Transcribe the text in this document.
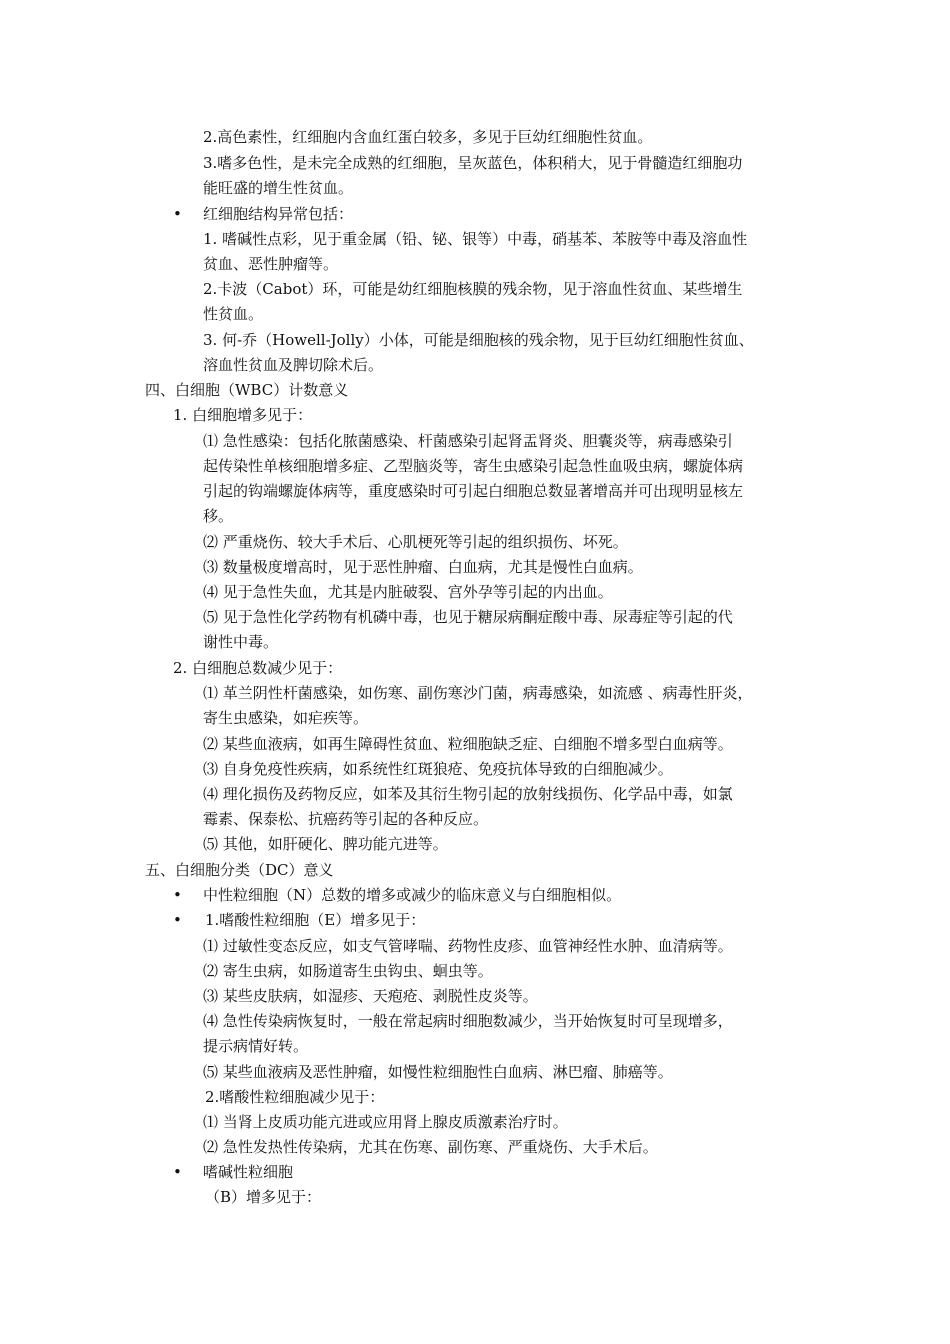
2.高色素性，红细胞内含血红蛋白较多，多见于巨幼红细胞性贫血。
3.嗜多色性，是未完全成熟的红细胞，呈灰蓝色，体积稍大，见于骨髓造红细胞功
能旺盛的增生性贫血。
• 红细胞结构异常包括：
1. 嗜碱性点彩，见于重金属（铅、铋、银等）中毒，硝基苯、苯胺等中毒及溶血性
贫血、恶性肿瘤等。
2.卡波（Cabot）环，可能是幼红细胞核膜的残余物，见于溶血性贫血、某些增生
性贫血。
3. 何-乔（Howell-Jolly）小体，可能是细胞核的残余物，见于巨幼红细胞性贫血、
溶血性贫血及脾切除术后。
四、白细胞（WBC）计数意义
1. 白细胞增多见于：
⑴ 急性感染：包括化脓菌感染、杆菌感染引起肾盂肾炎、胆囊炎等，病毒感染引
起传染性单核细胞增多症、乙型脑炎等，寄生虫感染引起急性血吸虫病，螺旋体病
引起的钩端螺旋体病等，重度感染时可引起白细胞总数显著增高并可出现明显核左
移。
⑵ 严重烧伤、较大手术后、心肌梗死等引起的组织损伤、坏死。
⑶ 数量极度增高时，见于恶性肿瘤、白血病，尤其是慢性白血病。
⑷ 见于急性失血，尤其是内脏破裂、宫外孕等引起的内出血。
⑸ 见于急性化学药物有机磷中毒，也见于糖尿病酮症酸中毒、尿毒症等引起的代
谢性中毒。
2. 白细胞总数减少见于：
⑴ 革兰阴性杆菌感染，如伤寒、副伤寒沙门菌，病毒感染，如流感 、病毒性肝炎，
寄生虫感染，如疟疾等。
⑵ 某些血液病，如再生障碍性贫血、粒细胞缺乏症、白细胞不增多型白血病等。
⑶ 自身免疫性疾病，如系统性红斑狼疮、免疫抗体导致的白细胞减少。
⑷ 理化损伤及药物反应，如苯及其衍生物引起的放射线损伤、化学品中毒，如氯
霉素、保泰松、抗癌药等引起的各种反应。
⑸ 其他，如肝硬化、脾功能亢进等。
五、白细胞分类（DC）意义
• 中性粒细胞（N）总数的增多或减少的临床意义与白细胞相似。
• 1.嗜酸性粒细胞（E）增多见于：
⑴ 过敏性变态反应，如支气管哮喘、药物性皮疹、血管神经性水肿、血清病等。
⑵ 寄生虫病，如肠道寄生虫钩虫、蛔虫等。
⑶ 某些皮肤病，如湿疹、天疱疮、剥脱性皮炎等。
⑷ 急性传染病恢复时，一般在常起病时细胞数减少，当开始恢复时可呈现增多，
提示病情好转。
⑸ 某些血液病及恶性肿瘤，如慢性粒细胞性白血病、淋巴瘤、肺癌等。
2.嗜酸性粒细胞减少见于：
⑴ 当肾上皮质功能亢进或应用肾上腺皮质激素治疗时。
⑵ 急性发热性传染病，尤其在伤寒、副伤寒、严重烧伤、大手术后。
• 嗜碱性粒细胞
（B）增多见于：
